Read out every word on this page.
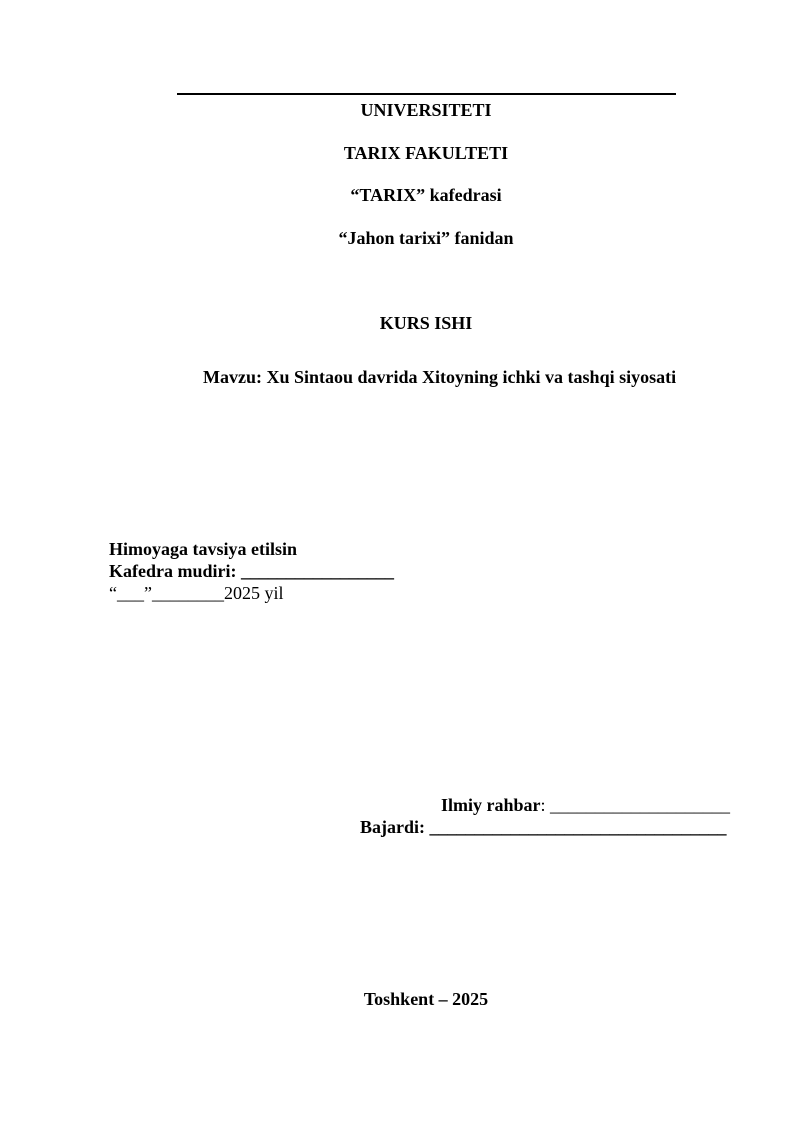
UNIVERSITETI

TARIX FAKULTETI

“TARIX” kafedrasi

“Jahon tarixi” fanidan

KURS ISHI

Mavzu: Xu Sintaou davrida Xitoyning ichki va tashqi siyosati

Himoyaga tavsiya etilsin

Kafedra mudiri: _________________

“___”________2025 yil

Ilmiy rahbar: ____________________

Bajardi: _________________________________

Toshkent – 2025
